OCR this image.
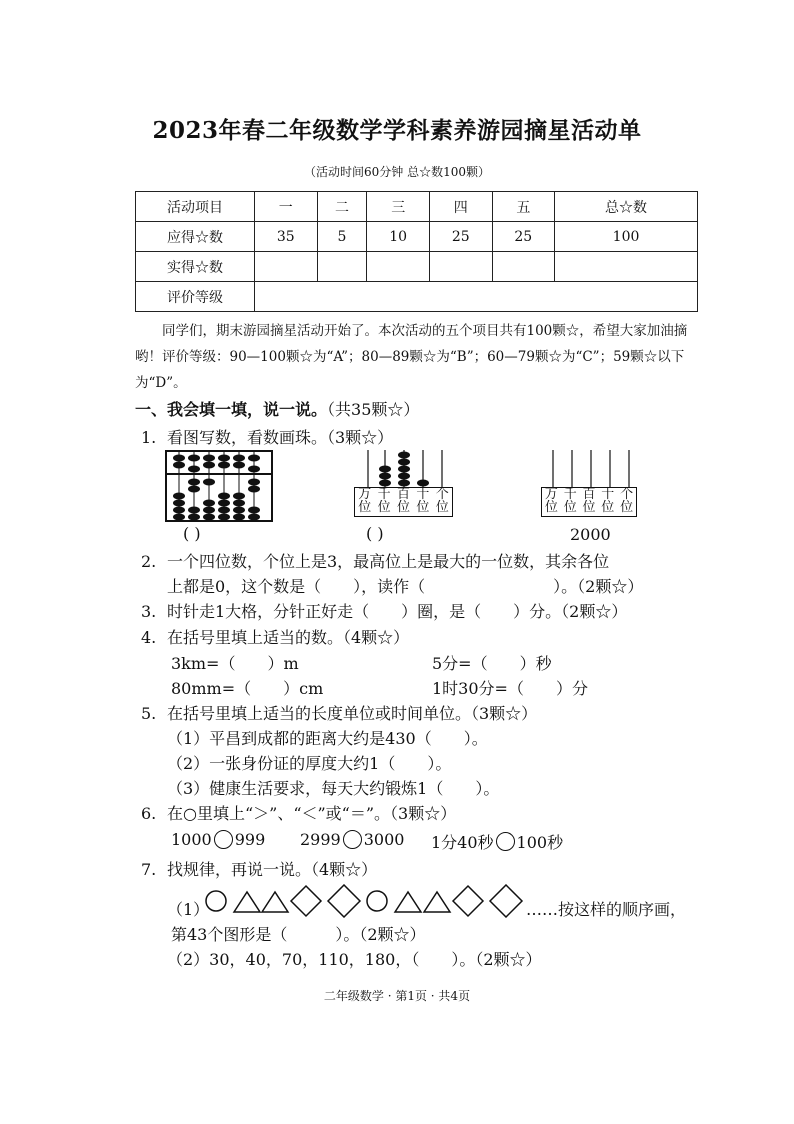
2023年春二年级数学学科素养游园摘星活动单
（活动时间60分钟 总☆数100颗）
活动项目	一	二	三	四	五	总☆数
应得☆数	35	5	10	25	25	100
实得☆数						
评价等级						
同学们，期末游园摘星活动开始了。本次活动的五个项目共有100颗☆，希望大家加油摘哟！评价等级：90—100颗☆为“A”；80—89颗☆为“B”；60—79颗☆为“C”；59颗☆以下为“D”。
一、我会填一填，说一说。（共35颗☆）
1. 看图写数，看数画珠。（3颗☆）
万
位
千
位
百
位
十
位
个
位
万
位
千
位
百
位
十
位
个
位
( )	( )	2000
2. 一个四位数，个位上是3，最高位上是最大的一位数，其余各位
上都是0，这个数是（　　），读作（　　　　　　　　）。（2颗☆）
3. 时针走1大格，分针正好走（　　）圈，是（　　）分。（2颗☆）
4. 在括号里填上适当的数。（4颗☆）
3km=（　　）m	5分=（　　）秒
80mm=（　　）cm	1时30分=（　　）分
5. 在括号里填上适当的长度单位或时间单位。（3颗☆）
（1）平昌到成都的距离大约是430（　　）。
（2）一张身份证的厚度大约1（　　）。
（3）健康生活要求，每天大约锻炼1（　　）。
6. 在○里填上“＞”、“＜”或“＝”。（3颗☆）
1000 999 2999 3000 1分40秒 100秒
7. 找规律，再说一说。（4颗☆）
（1）	……按这样的顺序画，
第43个图形是（　　　）。（2颗☆）
（2）30，40，70，110，180，（　　）。（2颗☆）
二年级数学 · 第1页 · 共4页
